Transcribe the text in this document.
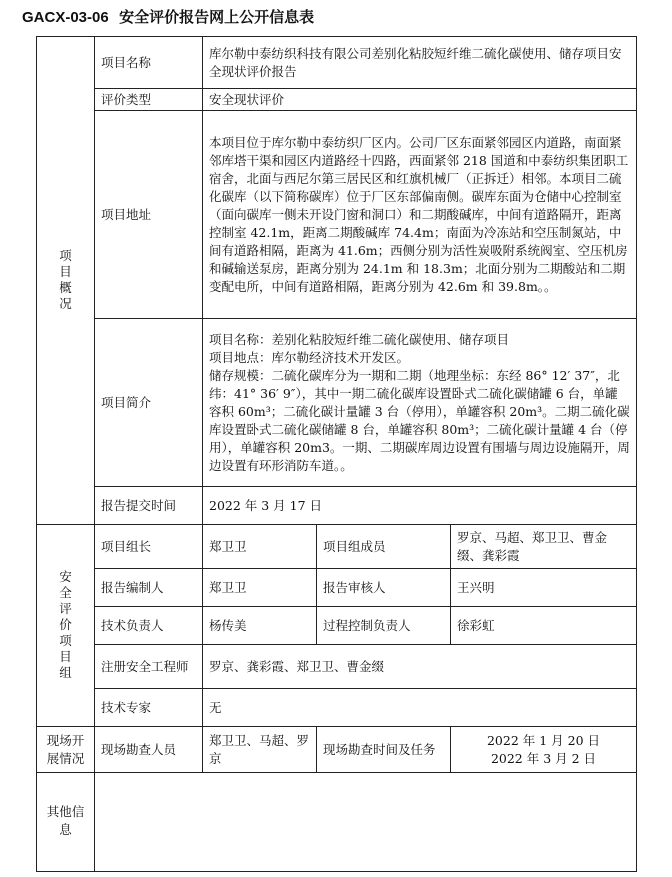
GACX-03-06 安全评价报告网上公开信息表
项目概况	项目名称	库尔勒中泰纺织科技有限公司差别化粘胶短纤维二硫化碳使用、储存项目安全现状评价报告		
	评价类型	安全现状评价		
	项目地址	本项目位于库尔勒中泰纺织厂区内。公司厂区东面紧邻园区内道路，南面紧邻库塔干渠和园区内道路经十四路，西面紧邻 218 国道和中泰纺织集团职工宿舍，北面与西尼尔第三居民区和红旗机械厂（正拆迁）相邻。本项目二硫化碳库（以下简称碳库）位于厂区东部偏南侧。碳库东面为仓储中心控制室（面向碳库一侧未开设门窗和洞口）和二期酸碱库，中间有道路隔开，距离控制室 42.1m，距离二期酸碱库 74.4m；南面为冷冻站和空压制氮站，中间有道路相隔，距离为 41.6m；西侧分别为活性炭吸附系统阀室、空压机房和碱输送泵房，距离分别为 24.1m 和 18.3m；北面分别为二期酸站和二期变配电所，中间有道路相隔，距离分别为 42.6m 和 39.8m。。		
	项目简介	项目名称：差别化粘胶短纤维二硫化碳使用、储存项目
项目地点：库尔勒经济技术开发区。
储存规模：二硫化碳库分为一期和二期（地理坐标：东经 86° 12′ 37″，北纬：41° 36′ 9″），其中一期二硫化碳库设置卧式二硫化碳储罐 6 台，单罐容积 60m³；二硫化碳计量罐 3 台（停用），单罐容积 20m³。二期二硫化碳库设置卧式二硫化碳储罐 8 台，单罐容积 80m³；二硫化碳计量罐 4 台（停用），单罐容积 20m3。一期、二期碳库周边设置有围墙与周边设施隔开，周边设置有环形消防车道。。		

	报告提交时间	2022 年 3 月 17 日		
安全评价项目组	项目组长	郑卫卫	项目组成员	罗京、马超、郑卫卫、曹金缀、龚彩霞
	报告编制人	郑卫卫	报告审核人	王兴明
	技术负责人	杨传美	过程控制负责人	徐彩虹
	注册安全工程师	罗京、龚彩霞、郑卫卫、曹金缀		
	技术专家	无		
现场开展情况	现场勘查人员	郑卫卫、马超、罗京	现场勘查时间及任务	2022 年 1 月 20 日
2022 年 3 月 2 日

其他信息				
